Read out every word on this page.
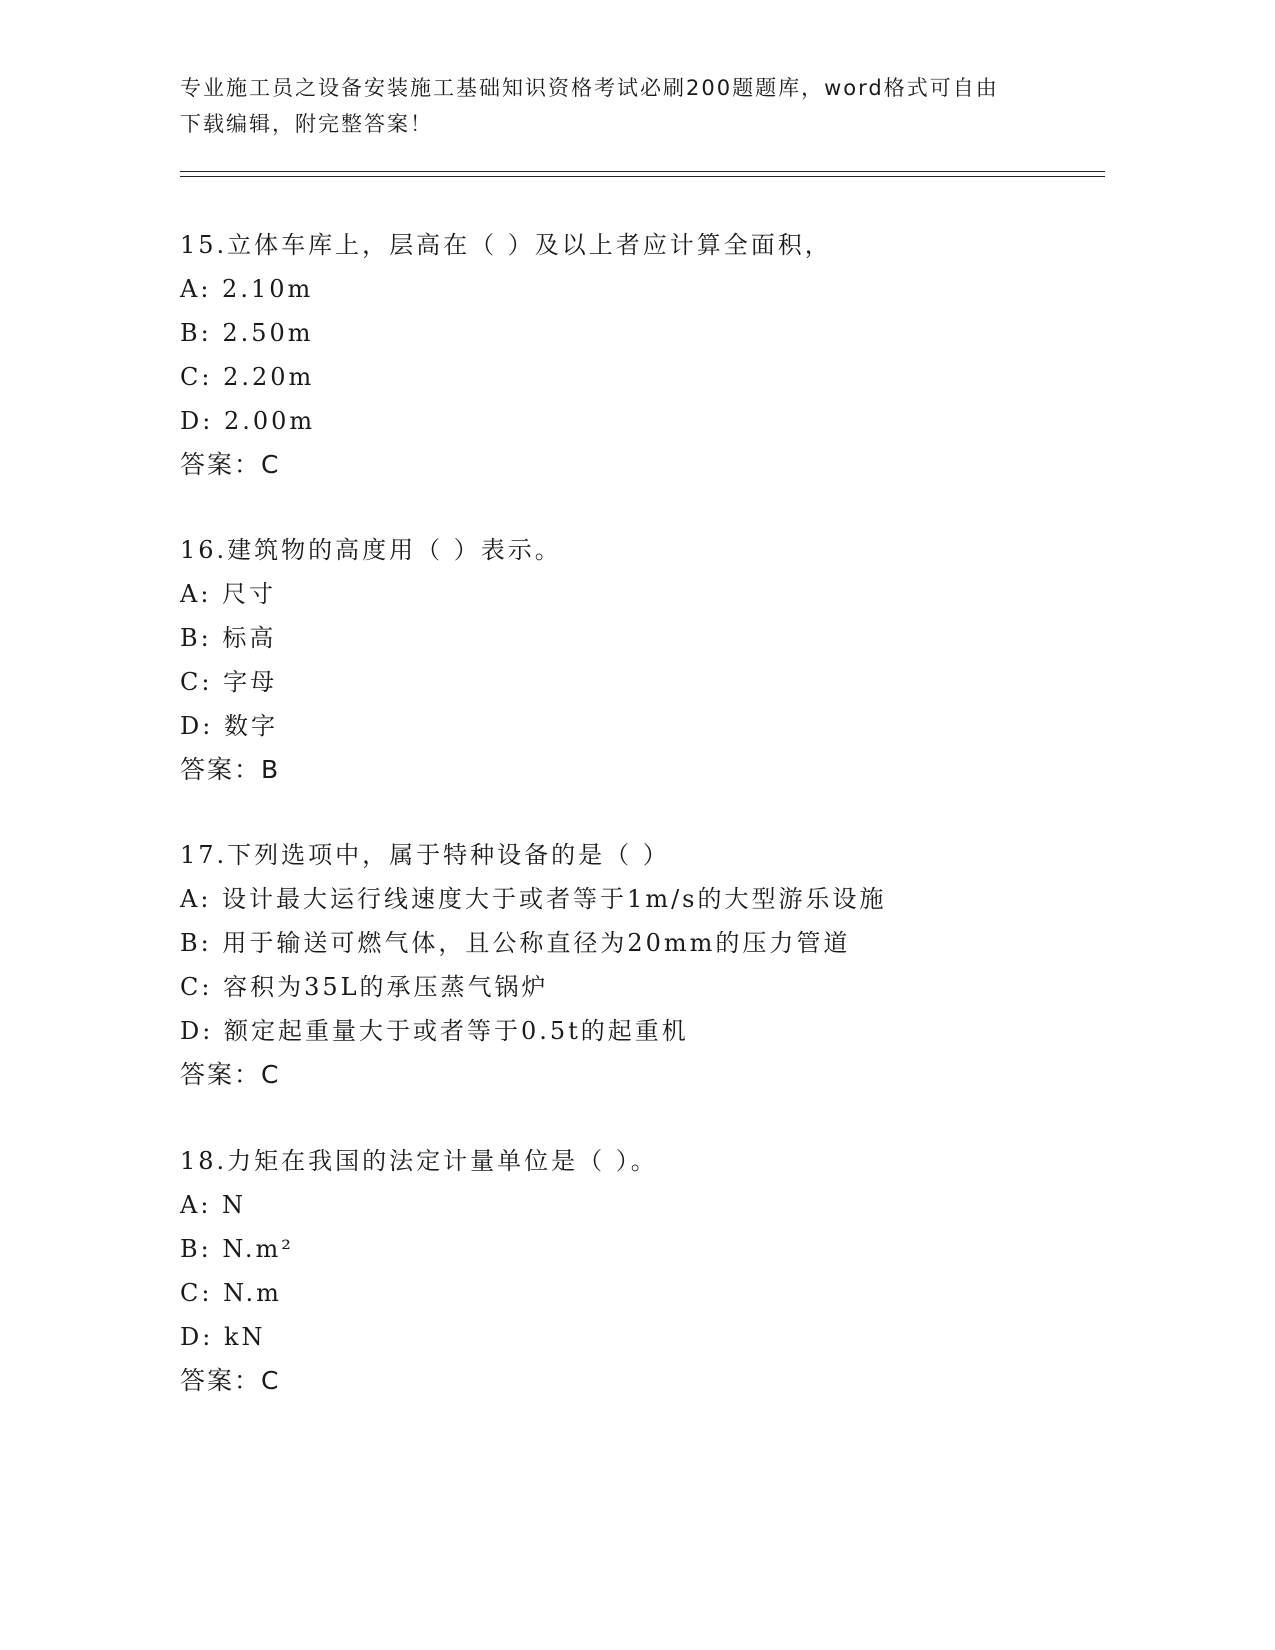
专业施工员之设备安装施工基础知识资格考试必刷200题题库，word格式可自由
下载编辑，附完整答案！
15.立体车库上，层高在（ ）及以上者应计算全面积，
A: 2.10m
B: 2.50m
C: 2.20m
D: 2.00m
答案：C
16.建筑物的高度用（ ）表示。
A: 尺寸
B: 标高
C: 字母
D: 数字
答案：B
17.下列选项中，属于特种设备的是（ ）
A: 设计最大运行线速度大于或者等于1m/s的大型游乐设施
B: 用于输送可燃气体，且公称直径为20mm的压力管道
C: 容积为35L的承压蒸气锅炉
D: 额定起重量大于或者等于0.5t的起重机
答案：C
18.力矩在我国的法定计量单位是（ ）。
A: N
B: N.m²
C: N.m
D: kN
答案：C
